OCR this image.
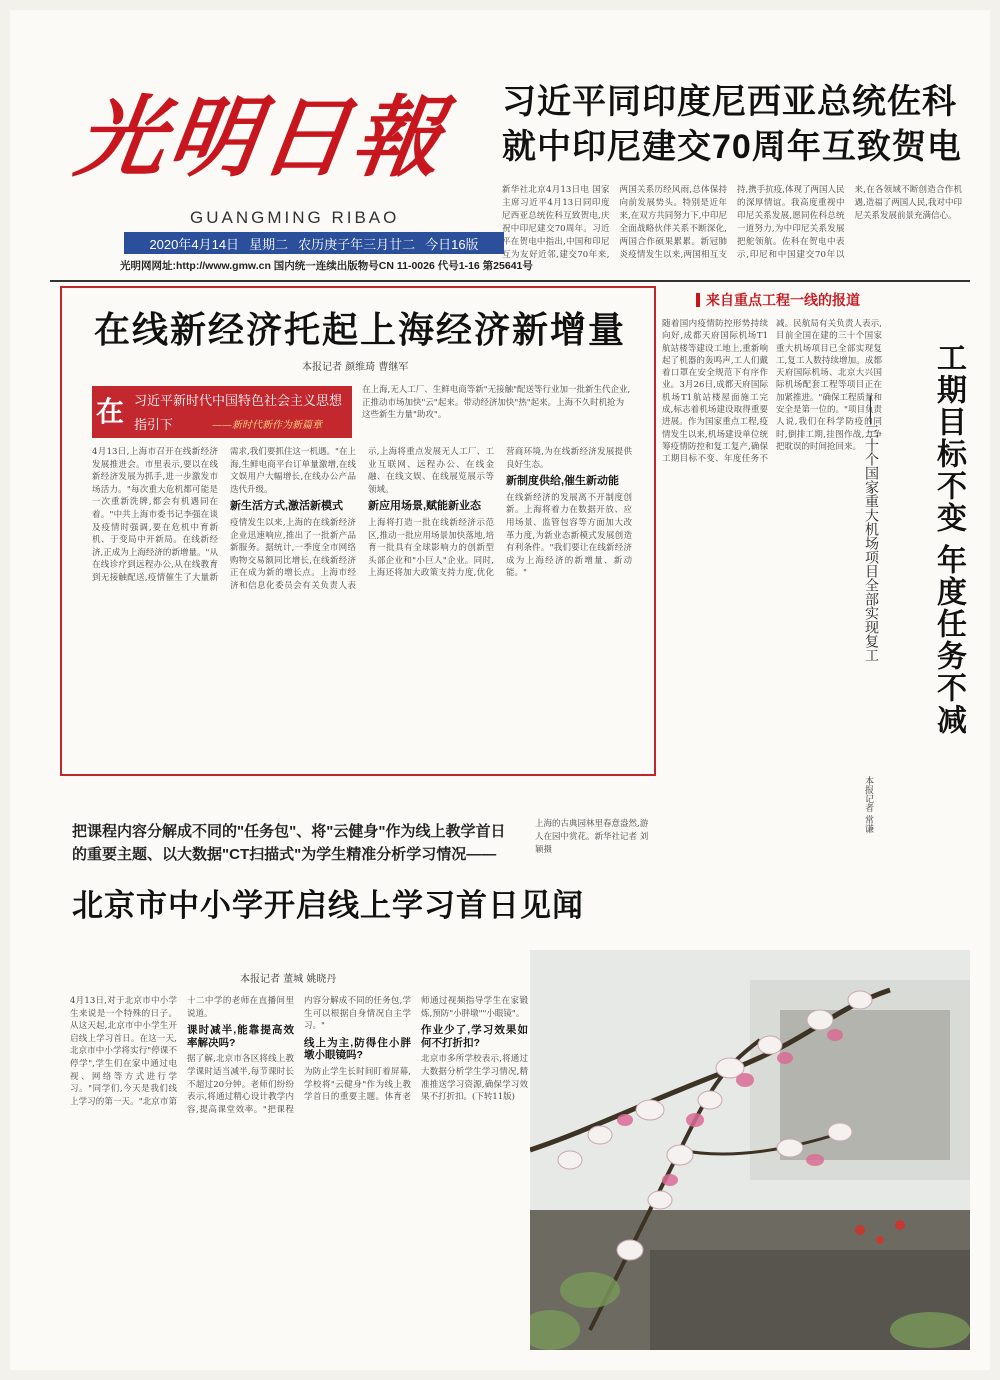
光明日報
GUANGMING RIBAO
2020年4月14日 星期二 农历庚子年三月廿二 今日16版
光明网网址:http://www.gmw.cn 国内统一连续出版物号CN 11-0026 代号1-16 第25641号
习近平同印度尼西亚总统佐科
就中印尼建交70周年互致贺电
新华社北京4月13日电 国家主席习近平4月13日同印度尼西亚总统佐科互致贺电,庆祝中印尼建交70周年。习近平在贺电中指出,中国和印尼互为友好近邻,建交70年来,两国关系历经风雨,总体保持向前发展势头。特别是近年来,在双方共同努力下,中印尼全面战略伙伴关系不断深化,两国合作硕果累累。新冠肺炎疫情发生以来,两国相互支持,携手抗疫,体现了两国人民的深厚情谊。我高度重视中印尼关系发展,愿同佐科总统一道努力,为中印尼关系发展把舵领航。佐科在贺电中表示,印尼和中国建交70年以来,在各领域不断创造合作机遇,造福了两国人民,我对中印尼关系发展前景充满信心。
在线新经济托起上海经济新增量
本报记者 颜维琦 曹继军
在 习近平新时代中国特色社会主义思想
指引下	——新时代新作为新篇章
在上海,无人工厂、生鲜电商等新"无接触"配送等行业加一批新生代企业,正推动市场加快"云"起来。带动经济加快"热"起来。上海不久时机抢为这些新生力量"助攻"。

4月13日,上海市召开在线新经济发展推进会。市里表示,要以在线新经济发展为抓手,进一步激发市场活力。"每次重大危机都可能是一次重新洗牌,都会有机遇同在着。"中共上海市委书记李强在谈及疫情时强调,要在危机中育新机、于变局中开新局。在线新经济,正成为上海经济的新增量。"从在线诊疗到远程办公,从在线教育到无接触配送,疫情催生了大量新需求,我们要抓住这一机遇。"在上海,生鲜电商平台订单量激增,在线文娱用户大幅增长,在线办公产品迭代升级。

新生活方式,激活新模式

疫情发生以来,上海的在线新经济企业迅速响应,推出了一批新产品新服务。据统计,一季度全市网络购物交易额同比增长,在线新经济正在成为新的增长点。上海市经济和信息化委员会有关负责人表示,上海将重点发展无人工厂、工业互联网、远程办公、在线金融、在线文娱、在线展览展示等领域。

新应用场景,赋能新业态

上海将打造一批在线新经济示范区,推动一批应用场景加快落地,培育一批具有全球影响力的创新型头部企业和"小巨人"企业。同时,上海还将加大政策支持力度,优化营商环境,为在线新经济发展提供良好生态。

新制度供给,催生新动能

在线新经济的发展离不开制度创新。上海将着力在数据开放、应用场景、监管包容等方面加大改革力度,为新业态新模式发展创造有利条件。"我们要让在线新经济成为上海经济的新增量、新动能。"

来自重点工程一线的报道
随着国内疫情防控形势持续向好,成都天府国际机场T1航站楼等建设工地上,重新响起了机器的轰鸣声,工人们戴着口罩在安全规范下有序作业。3月26日,成都天府国际机场T1航站楼屋面施工完成,标志着机场建设取得重要进展。作为国家重点工程,疫情发生以来,机场建设单位统筹疫情防控和复工复产,确保工期目标不变、年度任务不减。民航局有关负责人表示,目前全国在建的三十个国家重大机场项目已全部实现复工,复工人数持续增加。成都天府国际机场、北京大兴国际机场配套工程等项目正在加紧推进。"确保工程质量和安全是第一位的。"项目负责人说,我们在科学防疫的同时,倒排工期,挂图作战,力争把耽误的时间抢回来。 ——三十个国家重大机场项目全部实现复工	工期目标不变 年度任务不减
本报记者 常谦
把课程内容分解成不同的"任务包"、将"云健身"作为线上教学首日的重要主题、以大数据"CT扫描式"为学生精准分析学习情况——
北京市中小学开启线上学习首日见闻
本报记者 董城 姚晓丹

4月13日,对于北京市中小学生来说是一个特殊的日子。从这天起,北京市中小学生开启线上学习首日。在这一天,北京市中小学将实行"停课不停学",学生们在家中通过电视、网络等方式进行学习。"同学们,今天是我们线上学习的第一天。"北京市第十二中学的老师在直播间里说道。

课时减半,能靠提高效率解决吗?

据了解,北京市各区将线上教学课时适当减半,每节课时长不超过20分钟。老师们纷纷表示,将通过精心设计教学内容,提高课堂效率。"把课程内容分解成不同的任务包,学生可以根据自身情况自主学习。"

线上为主,防得住小胖墩小眼镜吗?

为防止学生长时间盯着屏幕,学校将"云健身"作为线上教学首日的重要主题。体育老师通过视频指导学生在家锻炼,预防"小胖墩""小眼镜"。

作业少了,学习效果如何不打折扣?

北京市多所学校表示,将通过大数据分析学生学习情况,精准推送学习资源,确保学习效果不打折扣。(下转11版)

上海的古典园林里春意盎然,游人在园中赏花。新华社记者 刘颖摄
